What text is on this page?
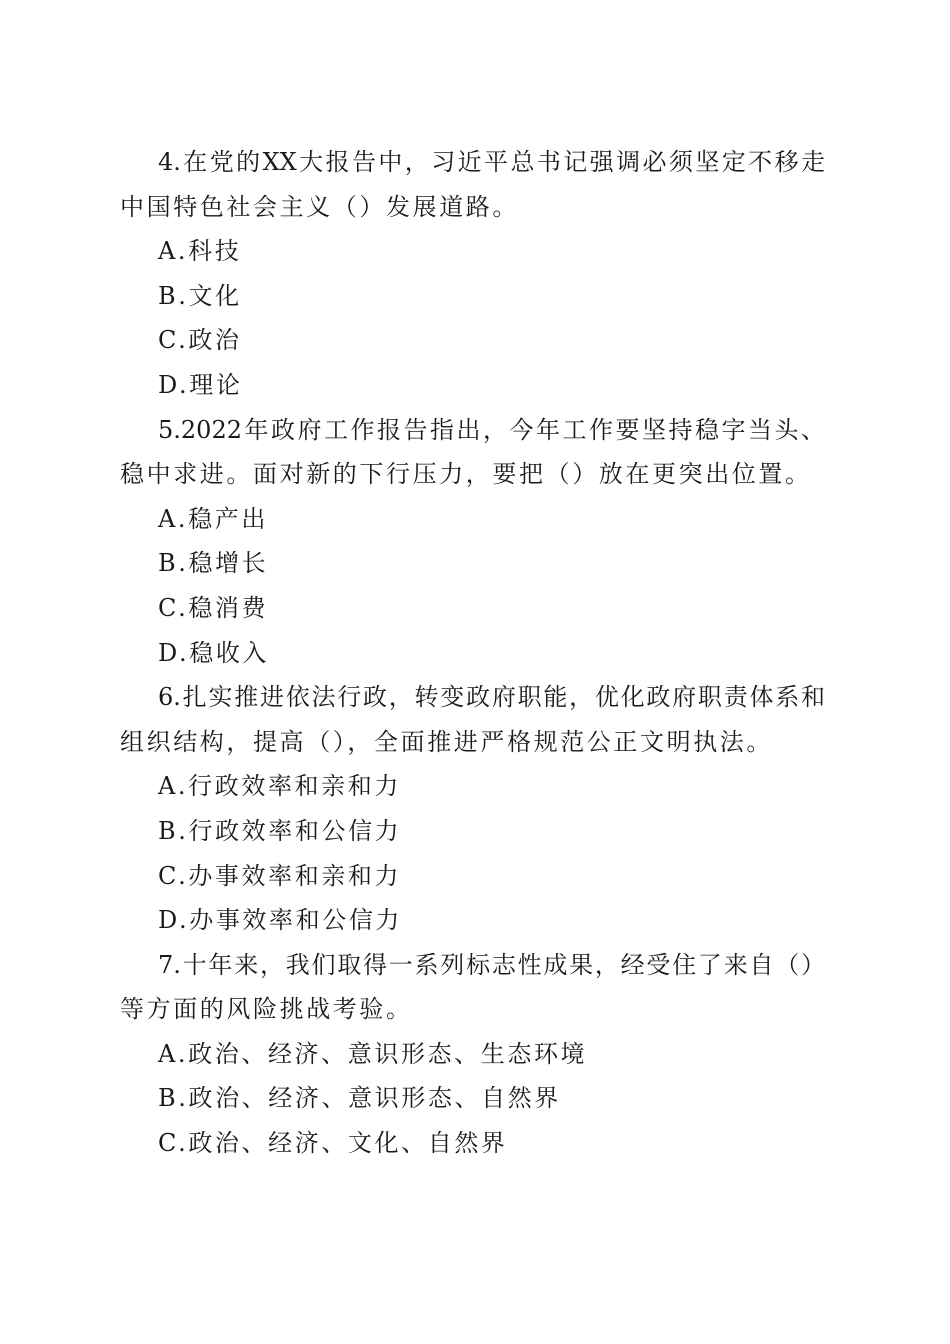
4.在党的XX大报告中，习近平总书记强调必须坚定不移走
中国特色社会主义（）发展道路。
A.科技
B.文化
C.政治
D.理论
5.2022年政府工作报告指出，今年工作要坚持稳字当头、
稳中求进。面对新的下行压力，要把（）放在更突出位置。
A.稳产出
B.稳增长
C.稳消费
D.稳收入
6.扎实推进依法行政，转变政府职能，优化政府职责体系和
组织结构，提高（），全面推进严格规范公正文明执法。
A.行政效率和亲和力
B.行政效率和公信力
C.办事效率和亲和力
D.办事效率和公信力
7.十年来，我们取得一系列标志性成果，经受住了来自（）
等方面的风险挑战考验。
A.政治、经济、意识形态、生态环境
B.政治、经济、意识形态、自然界
C.政治、经济、文化、自然界
